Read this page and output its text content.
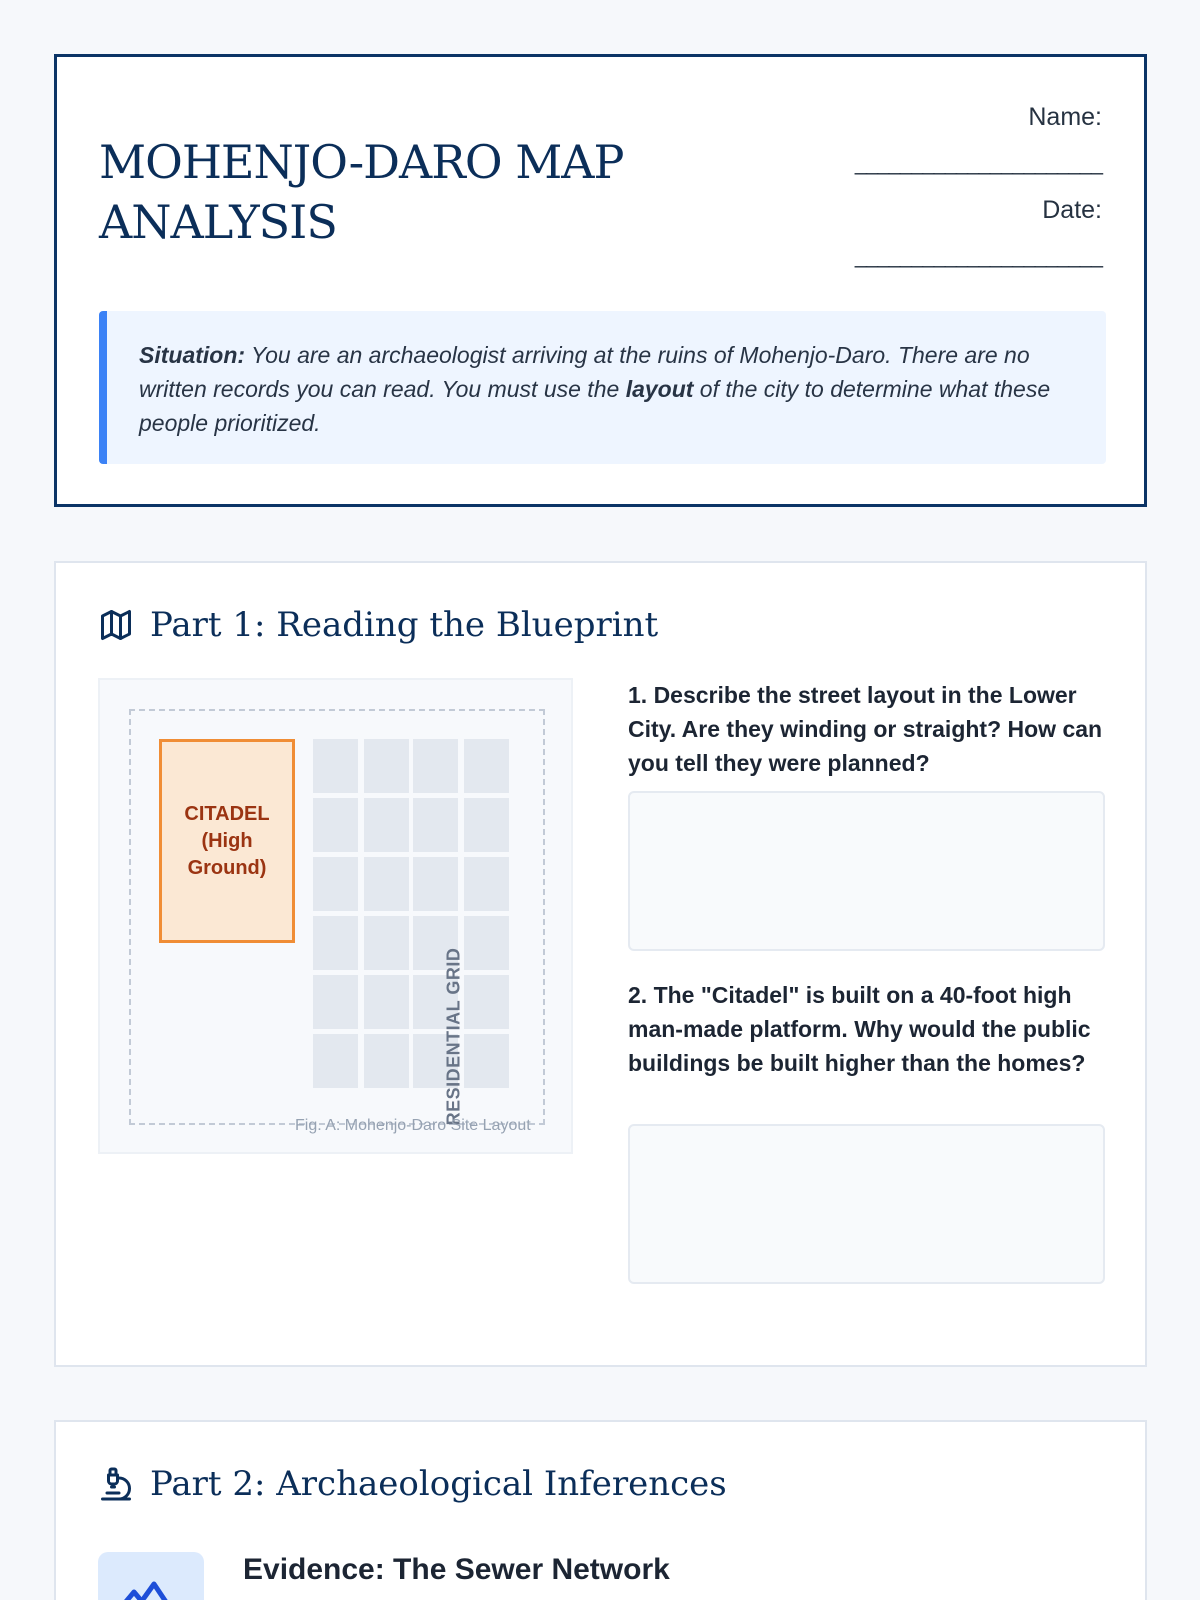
MOHENJO-DARO MAP ANALYSIS
Name:
______________________
Date:
______________________
Situation: You are an archaeologist arriving at the ruins of Mohenjo-Daro. There are no written records you can read. You must use the layout of the city to determine what these people prioritized.
Part 1: Reading the Blueprint
CITADEL (High Ground)
RESIDENTIAL GRID
Fig. A: Mohenjo-Daro Site Layout
1. Describe the street layout in the Lower City. Are they winding or straight? How can you tell they were planned?
2. The "Citadel" is built on a 40-foot high man-made platform. Why would the public buildings be built higher than the homes?
Part 2: Archaeological Inferences
Evidence: The Sewer Network
